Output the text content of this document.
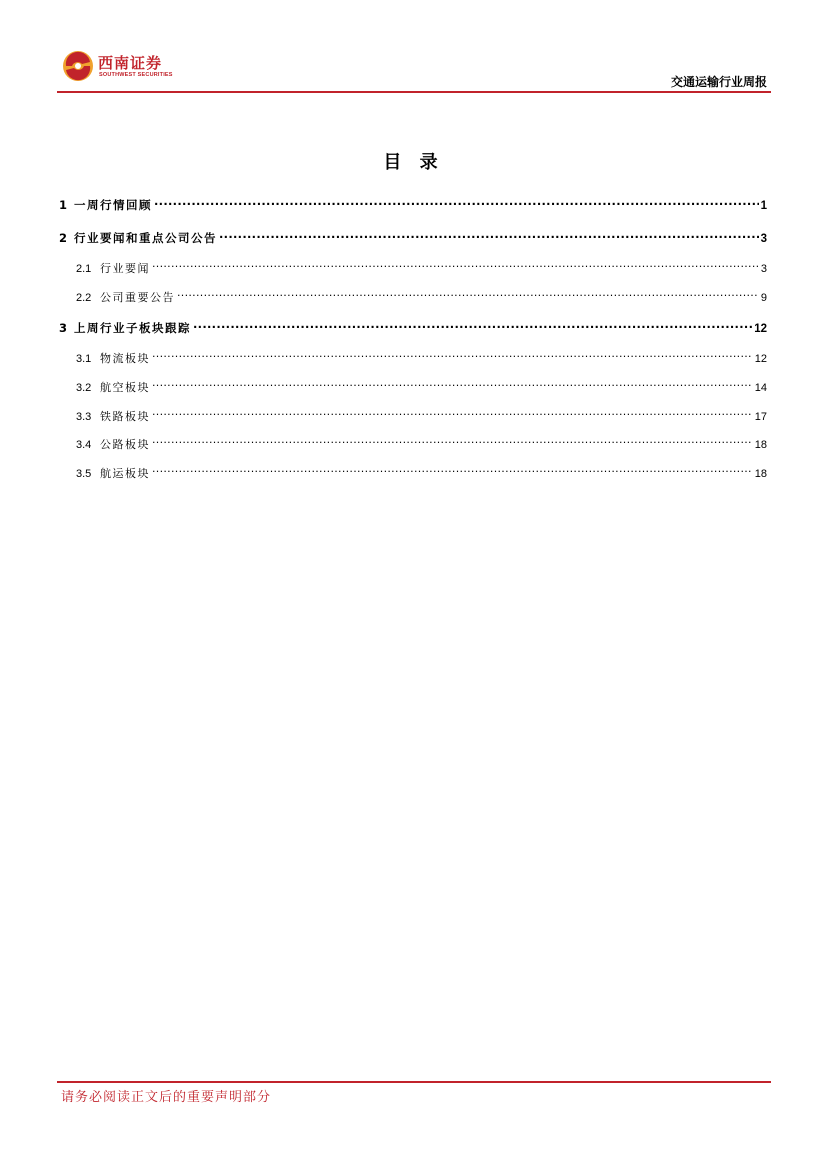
西南证券
SOUTHWEST SECURITIES	交通运输行业周报
目 录
1 一周行情回顾 .....	1
2 行业要闻和重点公司公告 .....	3
2.1 行业要闻 .....	3
2.2 公司重要公告 .....	9
3 上周行业子板块跟踪 .....	12
3.1 物流板块 .....	12
3.2 航空板块 .....	14
3.3 铁路板块 .....	17
3.4 公路板块 .....	18
3.5 航运板块 .....	18
请务必阅读正文后的重要声明部分
